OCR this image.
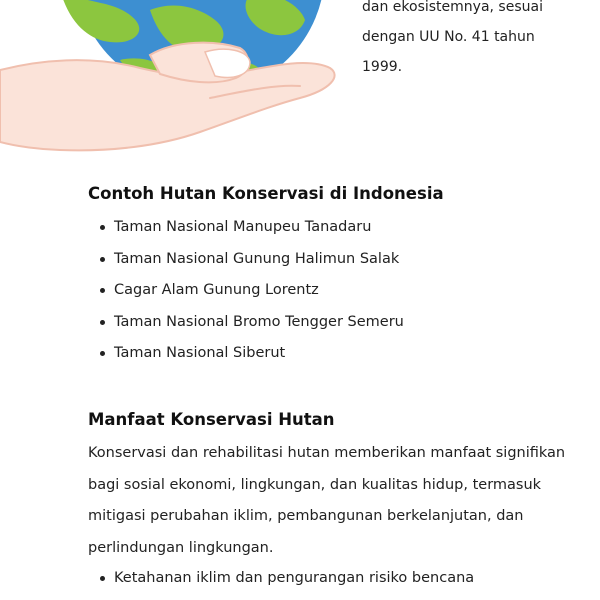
dan ekosistemnya, sesuai
dengan UU No. 41 tahun
1999.

Contoh Hutan Konservasi di Indonesia
Taman Nasional Manupeu Tanadaru
Taman Nasional Gunung Halimun Salak
Cagar Alam Gunung Lorentz
Taman Nasional Bromo Tengger Semeru
Taman Nasional Siberut
Manfaat Konservasi Hutan

Konservasi dan rehabilitasi hutan memberikan manfaat signifikan
bagi sosial ekonomi, lingkungan, dan kualitas hidup, termasuk
mitigasi perubahan iklim, pembangunan berkelanjutan, dan
perlindungan lingkungan.

Ketahanan iklim dan pengurangan risiko bencana
